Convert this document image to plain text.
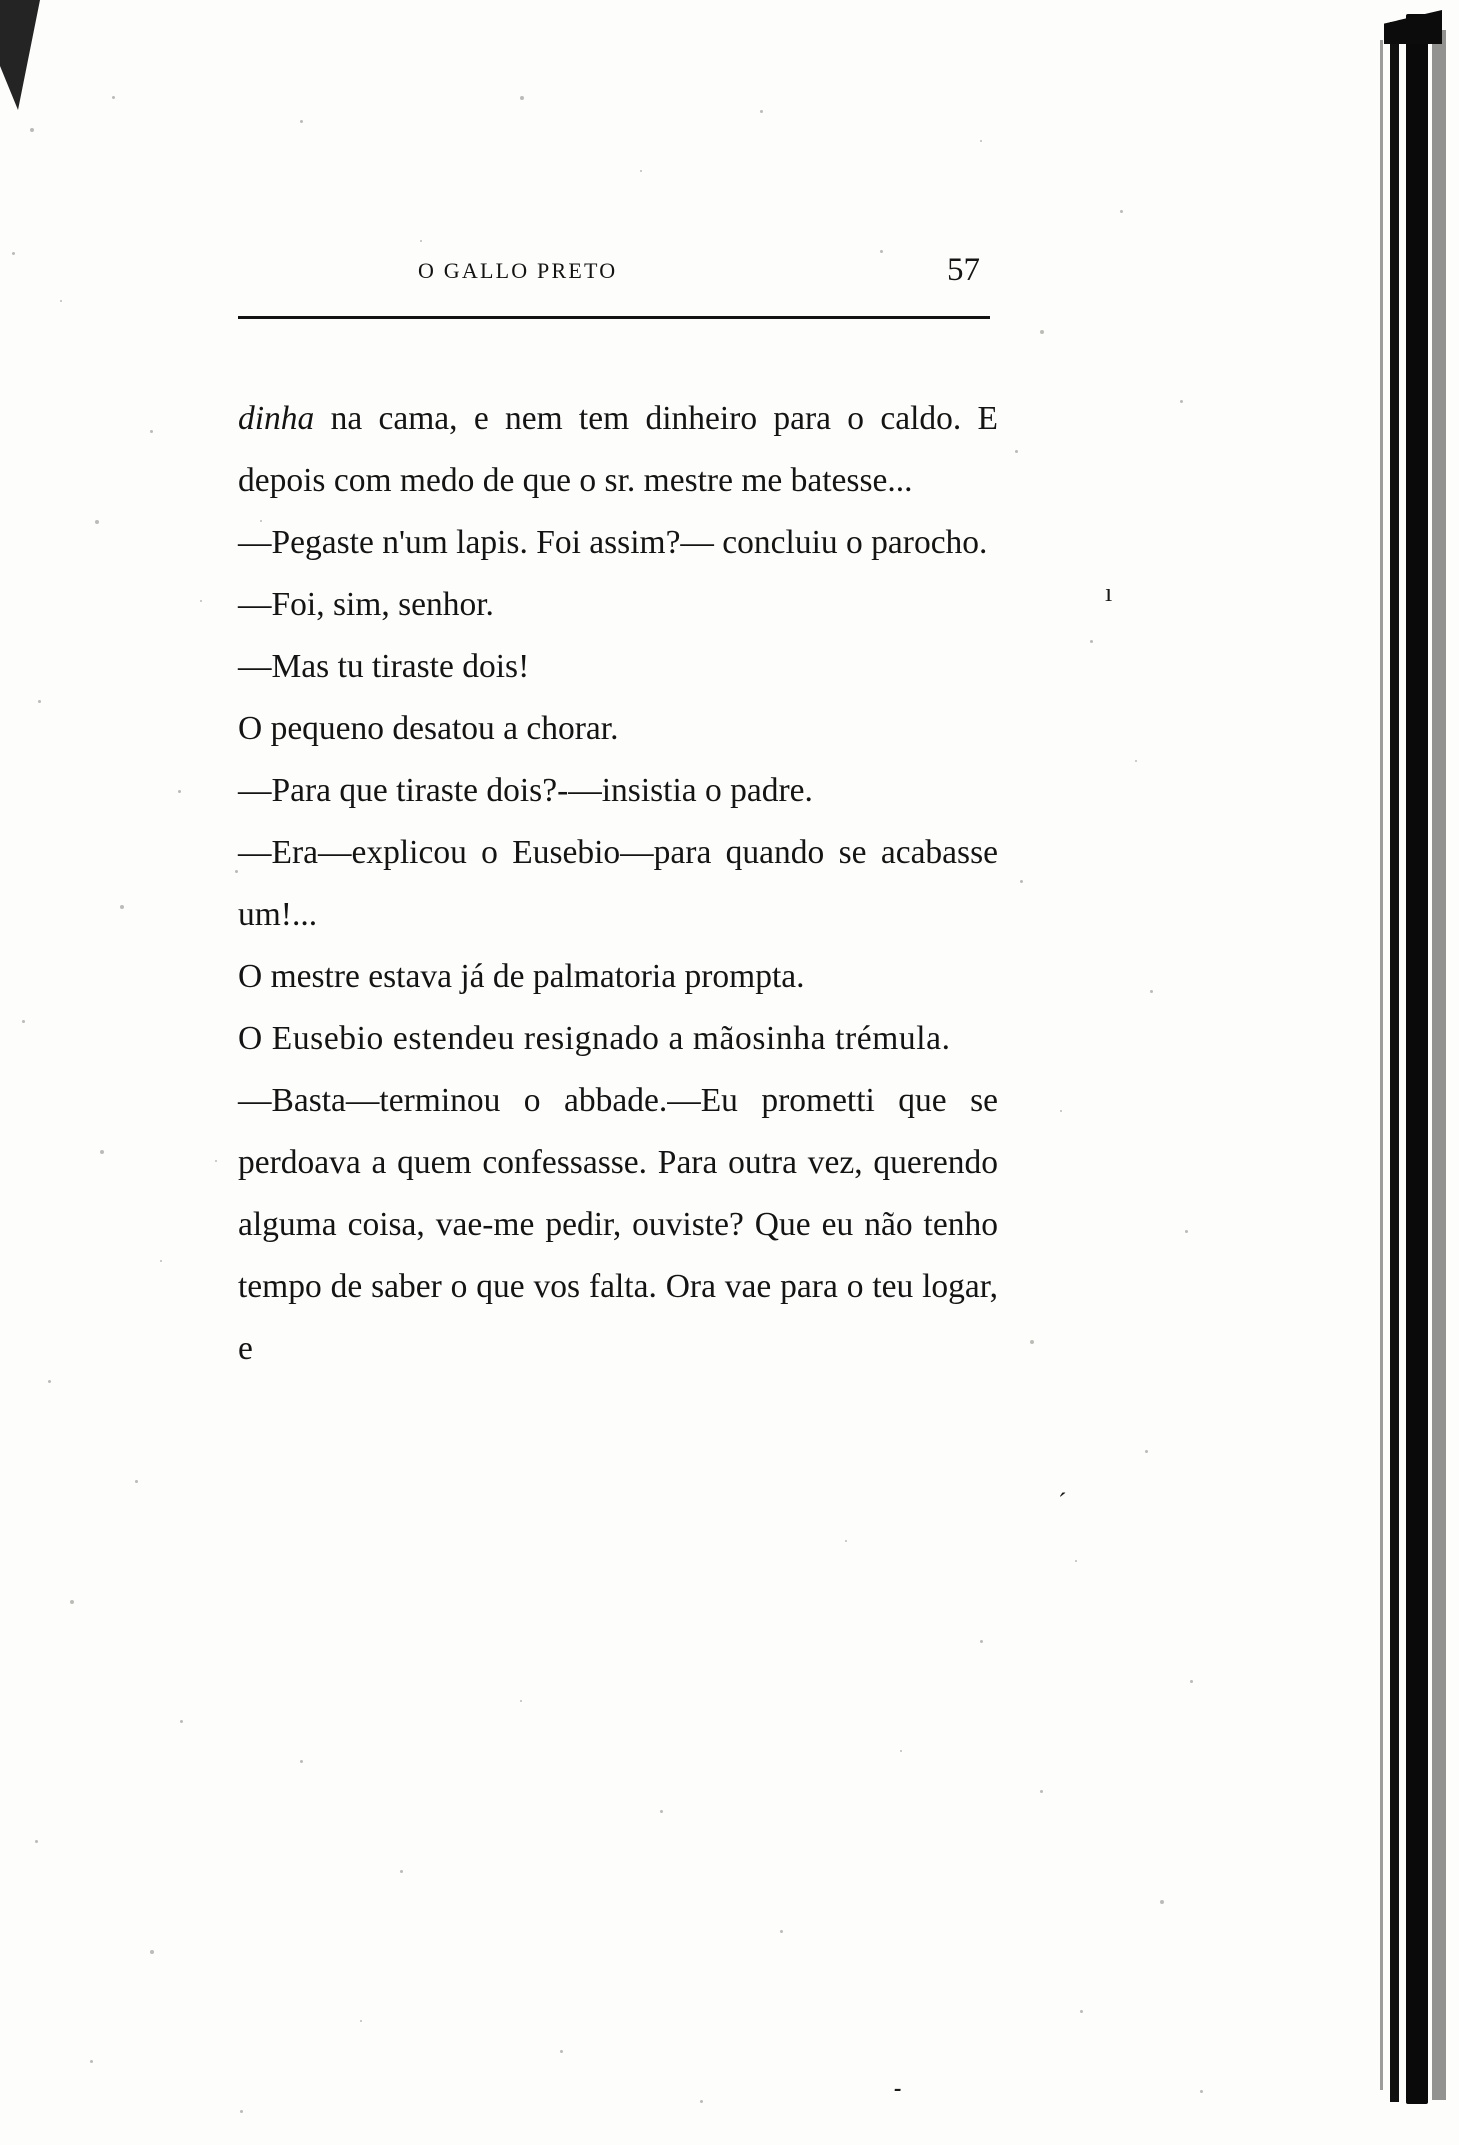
O GALLO PRETO	57

dinha na cama, e nem tem dinheiro para o caldo. E depois com medo de que o sr. mestre me batesse...

—Pegaste n'um lapis. Foi assim?— concluiu o parocho.

—Foi, sim, senhor.

—Mas tu tiraste dois!

O pequeno desatou a chorar.

—Para que tiraste dois?-—insistia o padre.

—Era—explicou o Eusebio—para quando se acabasse um!...

O mestre estava já de palmatoria prompta.

O Eusebio estendeu resignado a mãosinha trémula.

—Basta—terminou o abbade.—Eu prometti que se perdoava a quem confessasse. Para outra vez, querendo alguma coisa, vae-me pedir, ouviste? Que eu não tenho tempo de saber o que vos falta. Ora vae para o teu logar, e

ı
´
۔
